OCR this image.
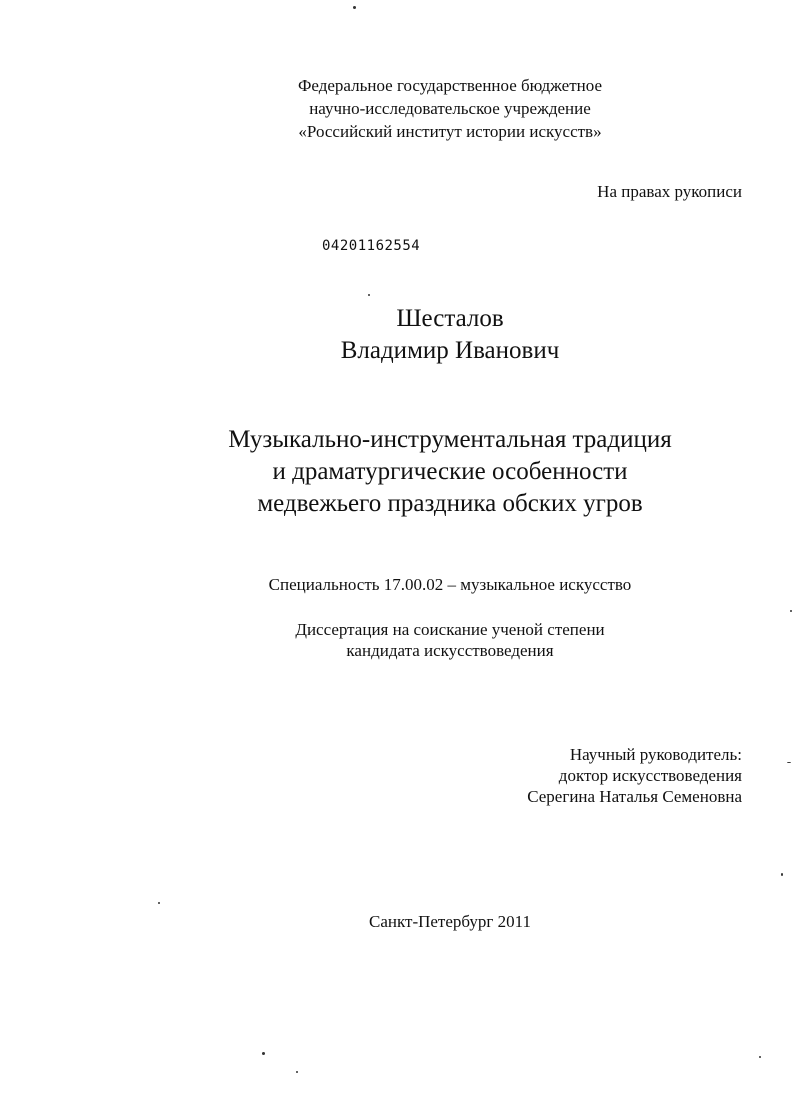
Федеральное государственное бюджетное
научно-исследовательское учреждение
«Российский институт истории искусств»
На правах рукописи
04201162554
Шесталов
Владимир Иванович
Музыкально-инструментальная традиция
и драматургические особенности
медвежьего праздника обских угров
Специальность 17.00.02 – музыкальное искусство
Диссертация на соискание ученой степени
кандидата искусствоведения
Научный руководитель:
доктор искусствоведения
Серегина Наталья Семеновна
Санкт-Петербург 2011
